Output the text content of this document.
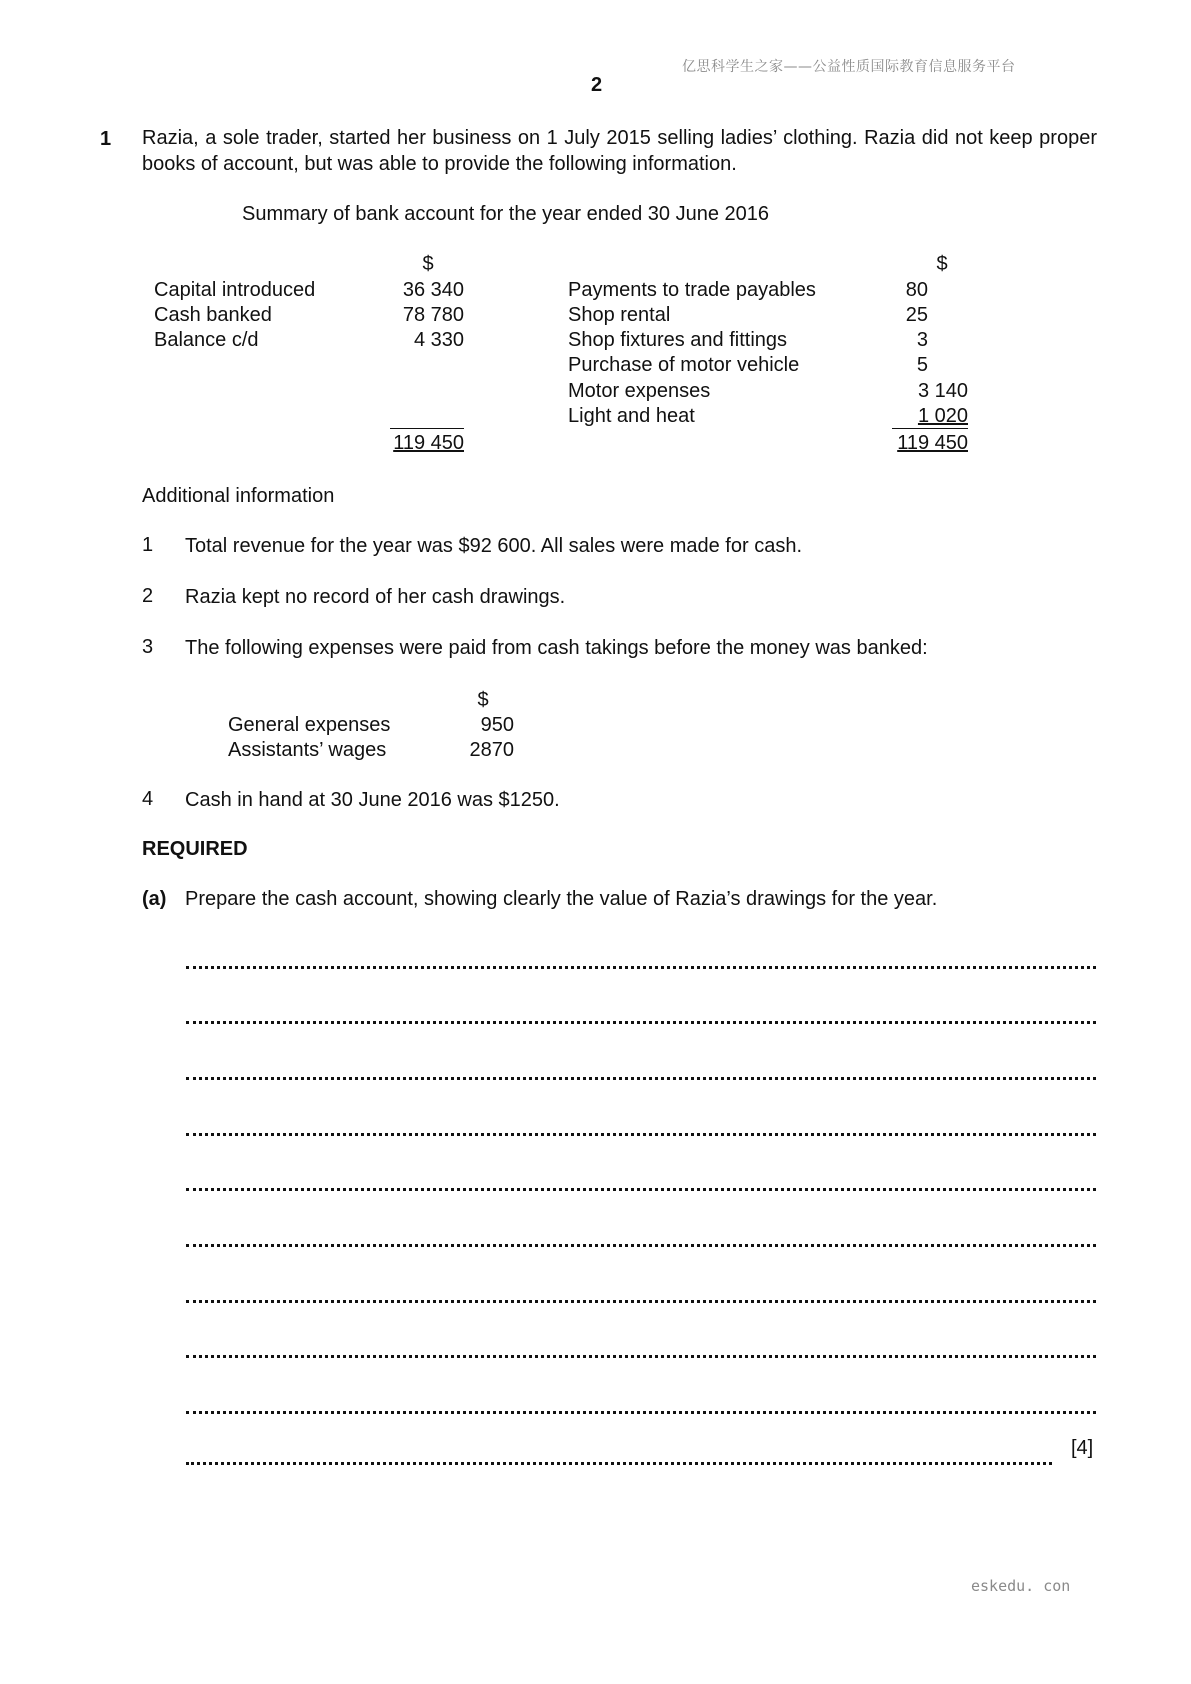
亿思科学生之家——公益性质国际教育信息服务平台
2
1 Razia, a sole trader, started her business on 1 July 2015 selling ladies’ clothing. Razia did not keep proper books of account, but was able to provide the following information.
Summary of bank account for the year ended 30 June 2016
$
Capital introduced	36 340
Cash banked	78 780
Balance c/d	4 330
119 450
$
Payments to trade payables	80
Shop rental	25
Shop fixtures and fittings	3
Purchase of motor vehicle	5
Motor expenses	3 140
Light and heat	1 020
119 450
Additional information
1 Total revenue for the year was $92 600. All sales were made for cash.
2 Razia kept no record of her cash drawings.
3 The following expenses were paid from cash takings before the money was banked:
$
General expenses	950
Assistants’ wages	2870
4 Cash in hand at 30 June 2016 was $1250.
REQUIRED
(a) Prepare the cash account, showing clearly the value of Razia’s drawings for the year.
[4]
eskedu. con
